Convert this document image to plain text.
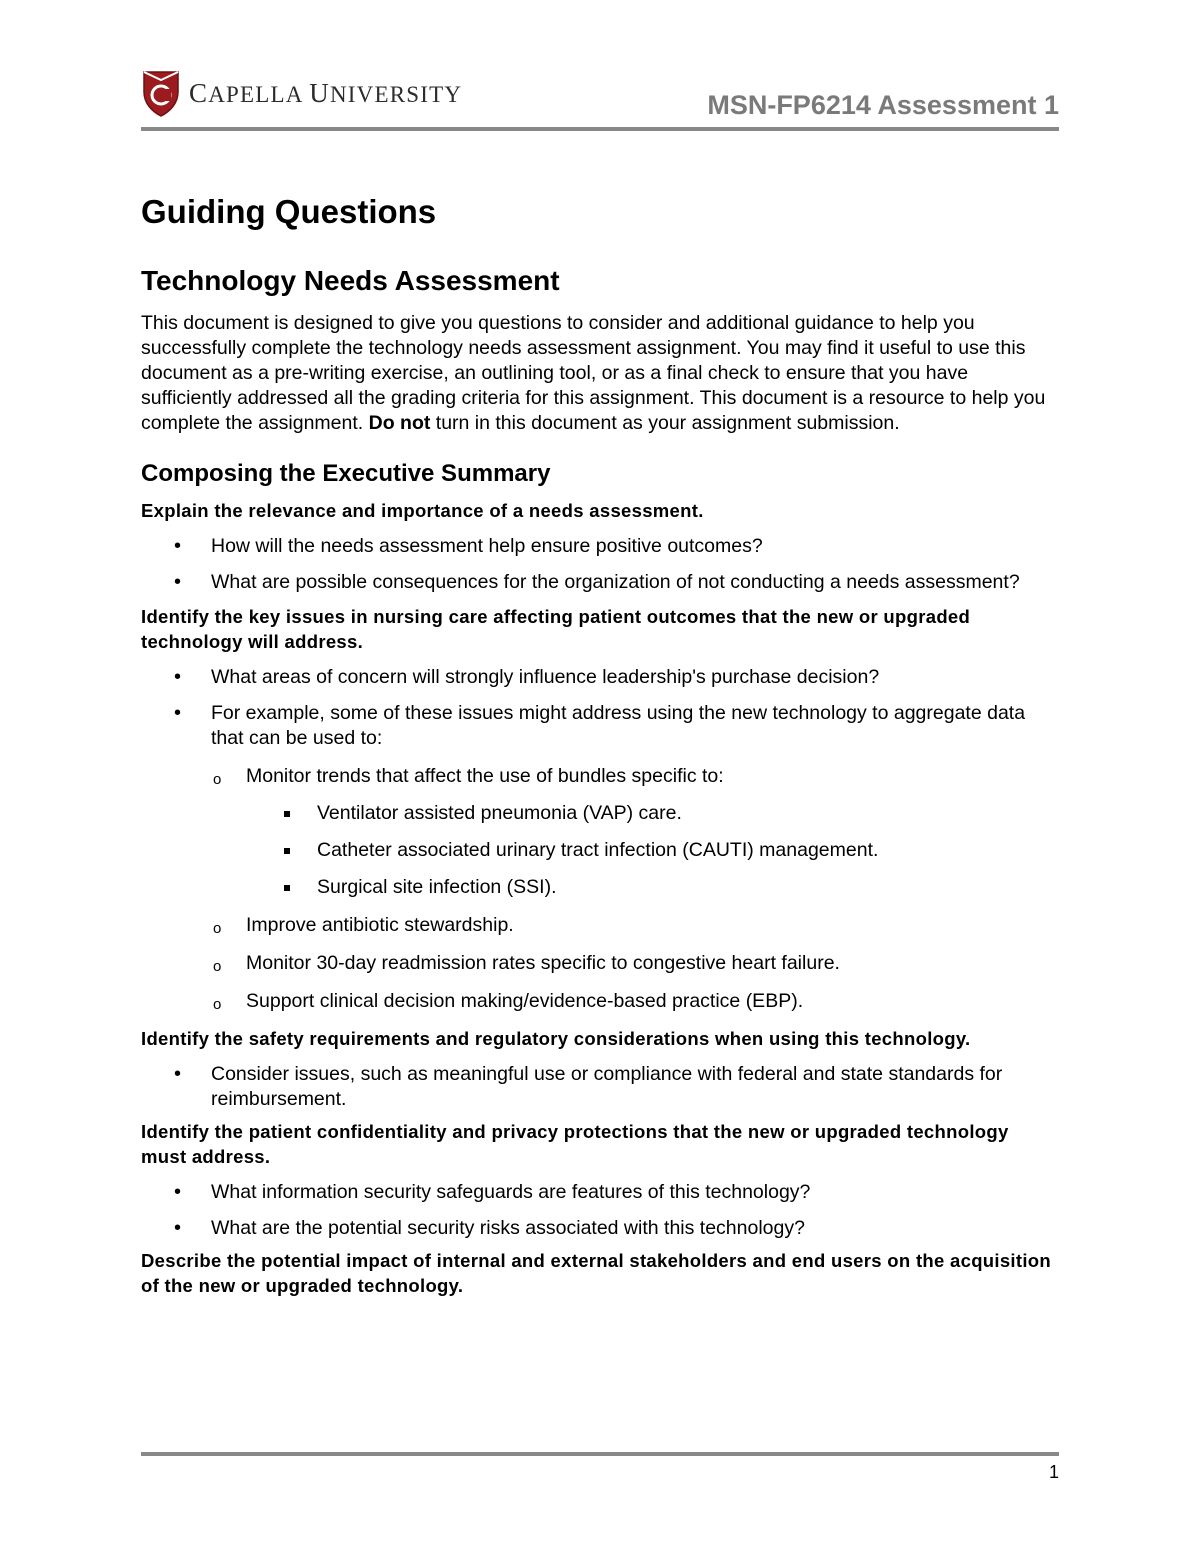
CAPELLA UNIVERSITY	MSN-FP6214 Assessment 1
Guiding Questions
Technology Needs Assessment

This document is designed to give you questions to consider and additional guidance to help you successfully complete the technology needs assessment assignment. You may find it useful to use this document as a pre-writing exercise, an outlining tool, or as a final check to ensure that you have sufficiently addressed all the grading criteria for this assignment. This document is a resource to help you complete the assignment. Do not turn in this document as your assignment submission.

Composing the Executive Summary

Explain the relevance and importance of a needs assessment.

• How will the needs assessment help ensure positive outcomes?
• What are possible consequences for the organization of not conducting a needs assessment?

Identify the key issues in nursing care affecting patient outcomes that the new or upgraded technology will address.

• What areas of concern will strongly influence leadership's purchase decision?
• For example, some of these issues might address using the new technology to aggregate data that can be used to:
o Monitor trends that affect the use of bundles specific to:
Ventilator assisted pneumonia (VAP) care.
Catheter associated urinary tract infection (CAUTI) management.
Surgical site infection (SSI).
o Improve antibiotic stewardship.
o Monitor 30-day readmission rates specific to congestive heart failure.
o Support clinical decision making/evidence-based practice (EBP).

Identify the safety requirements and regulatory considerations when using this technology.

• Consider issues, such as meaningful use or compliance with federal and state standards for reimbursement.

Identify the patient confidentiality and privacy protections that the new or upgraded technology must address.

• What information security safeguards are features of this technology?
• What are the potential security risks associated with this technology?

Describe the potential impact of internal and external stakeholders and end users on the acquisition of the new or upgraded technology.

1
